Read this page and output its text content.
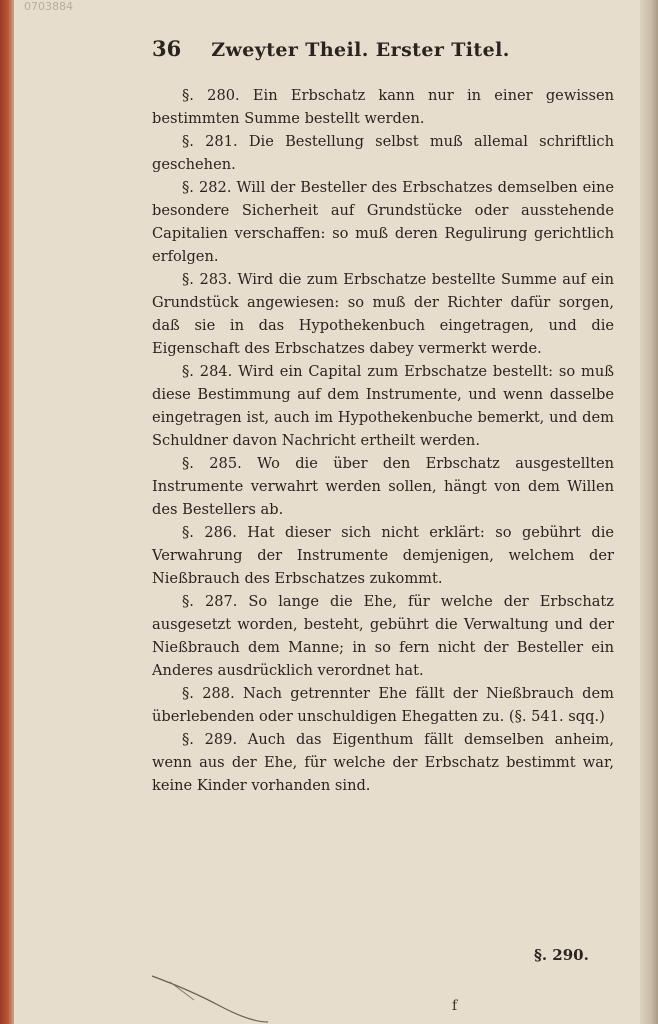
0703884
36 Zweyter Theil. Erster Titel.

§. 280. Ein Erbschatz kann nur in einer gewissen bestimmten Summe bestellt werden.

§. 281. Die Bestellung selbst muß allemal schriftlich geschehen.

§. 282. Will der Besteller des Erbschatzes demselben eine besondere Sicherheit auf Grundstücke oder ausstehende Capitalien verschaffen: so muß deren Regulirung gerichtlich erfolgen.

§. 283. Wird die zum Erbschatze bestellte Summe auf ein Grundstück angewiesen: so muß der Richter dafür sorgen, daß sie in das Hypothekenbuch eingetragen, und die Eigenschaft des Erbschatzes dabey vermerkt werde.

§. 284. Wird ein Capital zum Erbschatze bestellt: so muß diese Bestimmung auf dem Instrumente, und wenn dasselbe eingetragen ist, auch im Hypothekenbuche bemerkt, und dem Schuldner davon Nachricht ertheilt werden.

§. 285. Wo die über den Erbschatz ausgestellten Instrumente verwahrt werden sollen, hängt von dem Willen des Bestellers ab.

§. 286. Hat dieser sich nicht erklärt: so gebührt die Verwahrung der Instrumente demjenigen, welchem der Nießbrauch des Erbschatzes zukommt.

§. 287. So lange die Ehe, für welche der Erbschatz ausgesetzt worden, besteht, gebührt die Verwaltung und der Nießbrauch dem Manne; in so fern nicht der Besteller ein Anderes ausdrücklich verordnet hat.

§. 288. Nach getrennter Ehe fällt der Nießbrauch dem überlebenden oder unschuldigen Ehegatten zu. (§. 541. sqq.)

§. 289. Auch das Eigenthum fällt demselben anheim, wenn aus der Ehe, für welche der Erbschatz bestimmt war, keine Kinder vorhanden sind.

§. 290.
f
